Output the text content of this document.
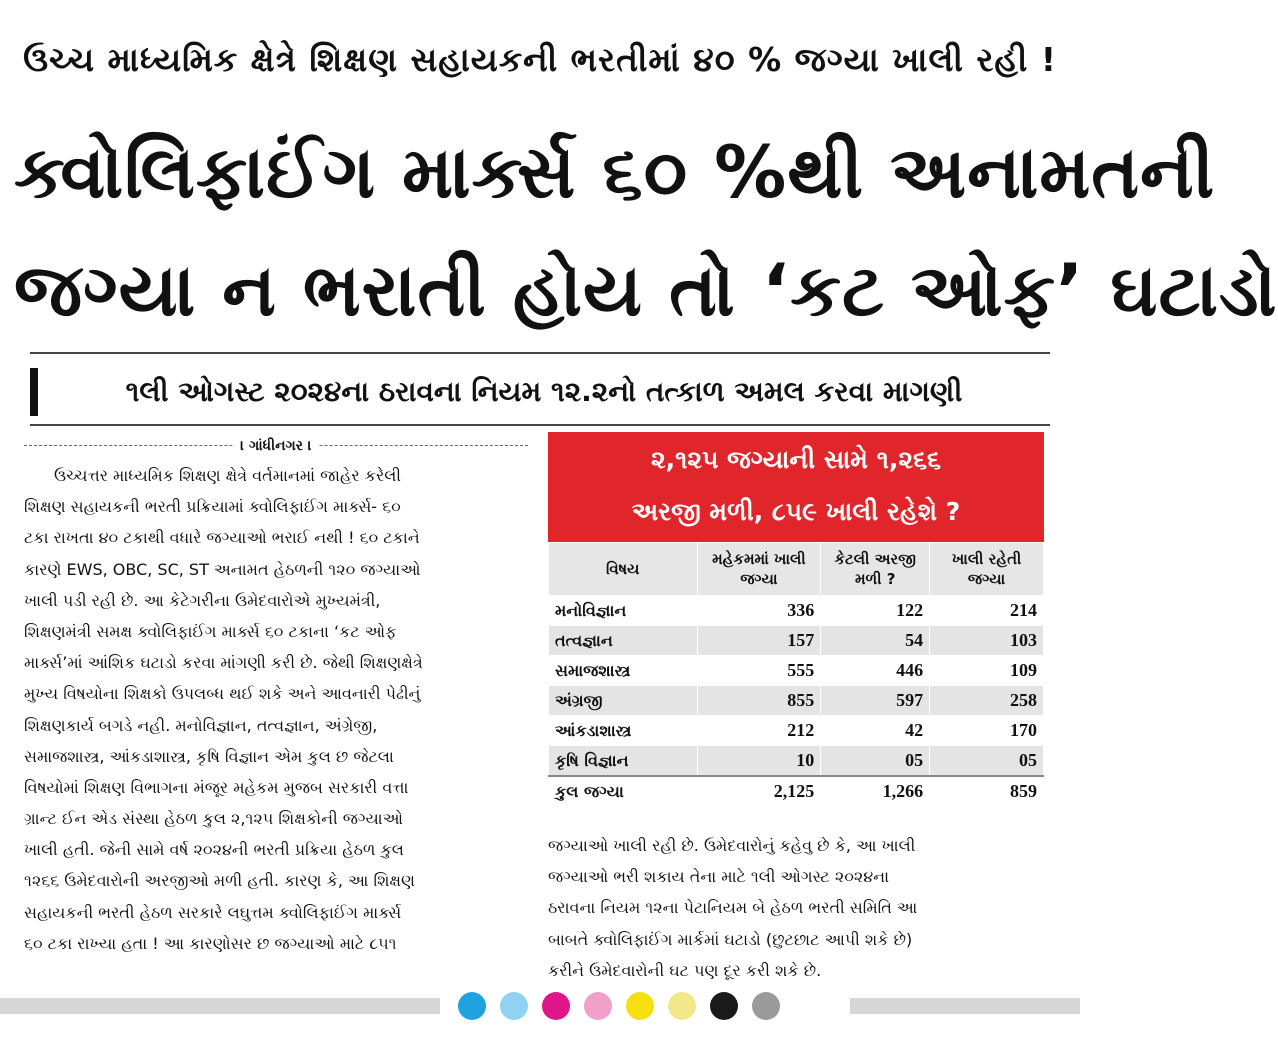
ઉચ્ચ માધ્યમિક ક્ષેત્રે શિક્ષણ સહાયકની ભરતીમાં ૪૦ % જગ્યા ખાલી રહી !
ક્વોલિફાઈંગ માર્ક્સ ૬૦ %થી અનામતની
જગ્યા ન ભરાતી હોય તો ‘કટ ઓફ’ ઘટાડો
૧લી ઓગસ્ટ ૨૦૨૪ના ઠરાવના નિયમ ૧૨.૨નો તત્કાળ અમલ કરવા માગણી
। ગાંધીનગર ।
ઉચ્ચત્તર માધ્યમિક શિક્ષણ ક્ષેત્રે વર્તમાનમાં જાહેર કરેલી
શિક્ષણ સહાયકની ભરતી પ્રક્રિયામાં ક્વોલિફાઈંગ માર્ક્સ- ૬૦
ટકા રાખતા ૪૦ ટકાથી વધારે જગ્યાઓ ભરાઈ નથી ! ૬૦ ટકાને
કારણે EWS, OBC, SC, ST અનામત હેઠળની ૧૨૦ જગ્યાઓ
ખાલી પડી રહી છે. આ કેટેગરીના ઉમેદવારોએ મુખ્યમંત્રી,
શિક્ષણમંત્રી સમક્ષ ક્વોલિફાઈંગ માર્ક્સ ૬૦ ટકાના ‘કટ ઓફ
માર્ક્સ’માં આંશિક ઘટાડો કરવા માંગણી કરી છે. જેથી શિક્ષણક્ષેત્રે
મુખ્ય વિષયોના શિક્ષકો ઉપલબ્ધ થઈ શકે અને આવનારી પેઢીનું
શિક્ષણકાર્ય બગડે નહી. મનોવિજ્ઞાન, તત્વજ્ઞાન, અંગ્રેજી,
સમાજશાસ્ત્ર, આંકડાશાસ્ત્ર, કૃષિ વિજ્ઞાન એમ કુલ છ જેટલા
વિષયોમાં શિક્ષણ વિભાગના મંજૂર મહેકમ મુજબ સરકારી વત્તા
ગ્રાન્ટ ઈન એડ સંસ્થા હેઠળ કુલ ૨,૧૨૫ શિક્ષકોની જગ્યાઓ
ખાલી હતી. જેની સામે વર્ષ ૨૦૨૪ની ભરતી પ્રક્રિયા હેઠળ કુલ
૧૨૬૬ ઉમેદવારોની અરજીઓ મળી હતી. કારણ કે, આ શિક્ષણ
સહાયકની ભરતી હેઠળ સરકારે લઘુત્તમ ક્વોલિફાઈંગ માર્ક્સ
૬૦ ટકા રાખ્યા હતા ! આ કારણોસર છ જગ્યાઓ માટે ૮૫૧
૨,૧૨૫ જગ્યાની સામે ૧,૨૬૬
અરજી મળી, ૮૫૯ ખાલી રહેશે ?
વિષય	મહેકમમાં ખાલી જગ્યા	કેટલી અરજી મળી ?	ખાલી રહેતી જગ્યા
મનોવિજ્ઞાન	336	122	214
તત્વજ્ઞાન	157	54	103
સમાજશાસ્ત્ર	555	446	109
અંગ્રજી	855	597	258
આંકડાશાસ્ત્ર	212	42	170
કૃષિ વિજ્ઞાન	10	05	05
કુલ જગ્યા	2,125	1,266	859
જગ્યાઓ ખાલી રહી છે. ઉમેદવારોનું કહેવુ છે કે, આ ખાલી
જગ્યાઓ ભરી શકાય તેના માટે ૧લી ઓગસ્ટ ૨૦૨૪ના
ઠરાવના નિયમ ૧૨ના પેટાનિયમ બે હેઠળ ભરતી સમિતિ આ
બાબતે ક્વોલિફાઈંગ માર્કમાં ઘટાડો (છુટછાટ આપી શકે છે)
કરીને ઉમેદવારોની ઘટ પણ દૂર કરી શકે છે.
